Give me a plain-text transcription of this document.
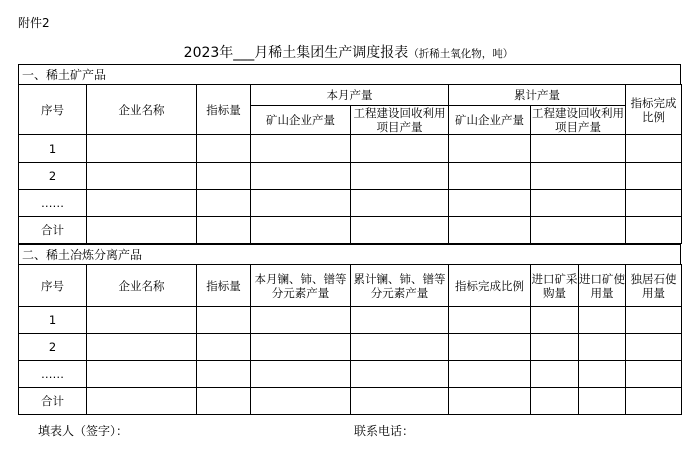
附件2
2023年___月稀土集团生产调度报表（折稀土氧化物，吨）
一、稀土矿产品
序号	企业名称	指标量	本月产量		累计产量		指标完成比例
			矿山企业产量	工程建设回收利用项目产量	矿山企业产量	工程建设回收利用项目产量	
1							
2							
……							
合计							
二、稀土冶炼分离产品
序号	企业名称	指标量	本月镧、铈、镨等分元素产量	累计镧、铈、镨等分元素产量	指标完成比例	进口矿采购量	进口矿使用量	独居石使用量
1								
2								
……								
合计								
填表人（签字）：	联系电话：
